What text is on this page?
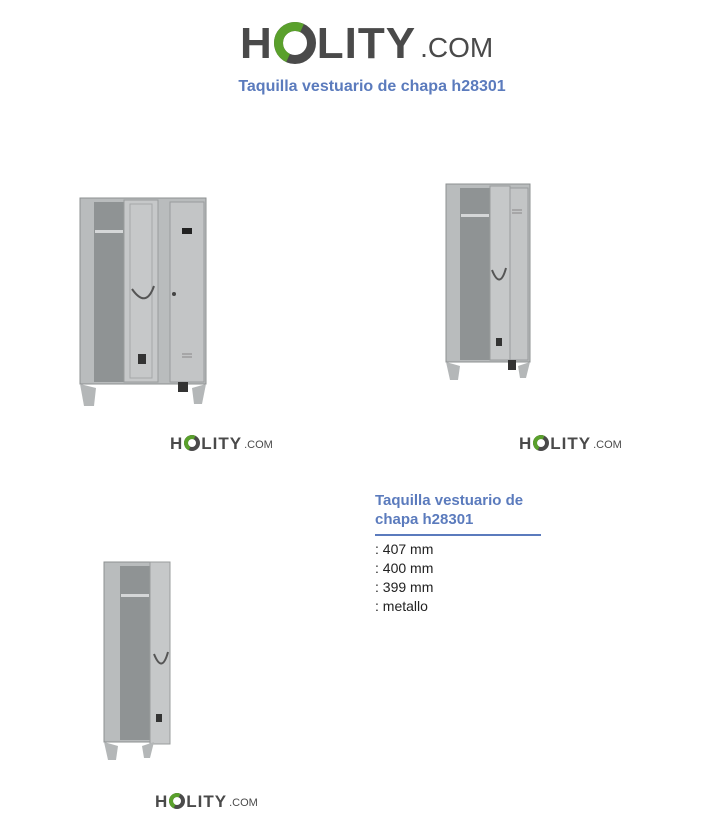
H LITY .COM
Taquilla vestuario de chapa h28301
H LITY .COM	H LITY .COM
H LITY .COM

Taquilla vestuario de chapa h28301

: 407 mm
: 400 mm
: 399 mm
: metallo
